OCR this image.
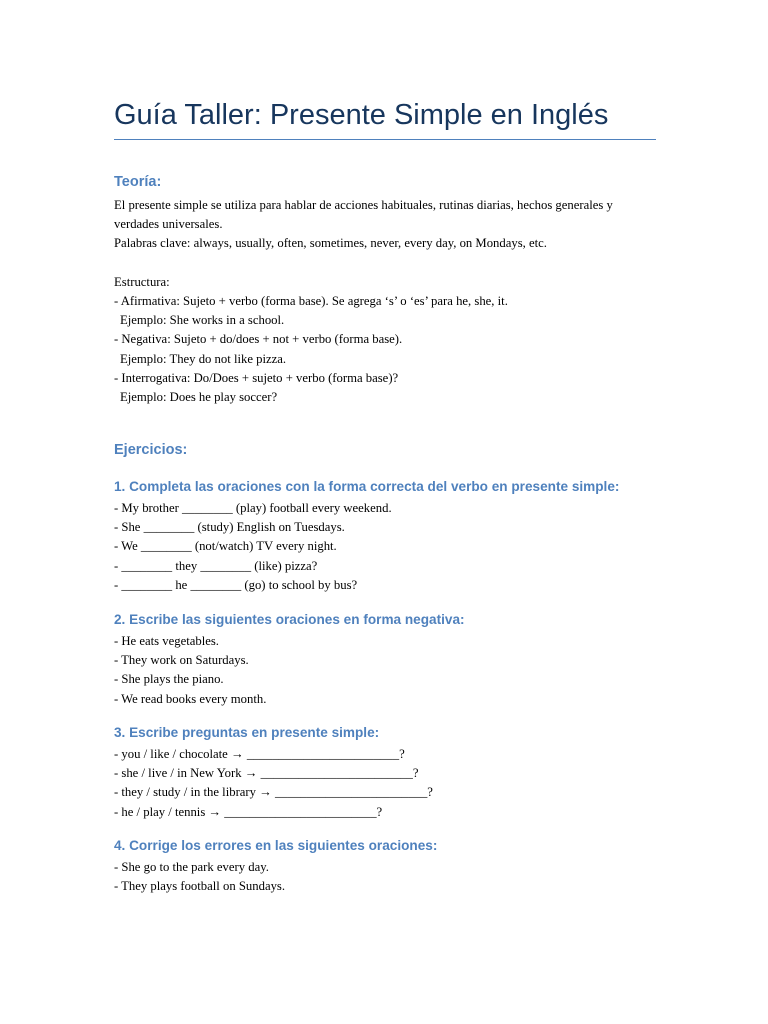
Guía Taller: Presente Simple en Inglés
Teoría:

El presente simple se utiliza para hablar de acciones habituales, rutinas diarias, hechos generales y verdades universales.

Palabras clave: always, usually, often, sometimes, never, every day, on Mondays, etc.

Estructura:

- Afirmativa: Sujeto + verbo (forma base). Se agrega ‘s’ o ‘es’ para he, she, it.

Ejemplo: She works in a school.

- Negativa: Sujeto + do/does + not + verbo (forma base).

Ejemplo: They do not like pizza.

- Interrogativa: Do/Does + sujeto + verbo (forma base)?

Ejemplo: Does he play soccer?

Ejercicios:
1. Completa las oraciones con la forma correcta del verbo en presente simple:
- My brother ________ (play) football every weekend.
- She ________ (study) English on Tuesdays.
- We ________ (not/watch) TV every night.
- ________ they ________ (like) pizza?
- ________ he ________ (go) to school by bus?
2. Escribe las siguientes oraciones en forma negativa:
- He eats vegetables.
- They work on Saturdays.
- She plays the piano.
- We read books every month.
3. Escribe preguntas en presente simple:
- you / like / chocolate → ________________________?
- she / live / in New York → ________________________?
- they / study / in the library → ________________________?
- he / play / tennis → ________________________?
4. Corrige los errores en las siguientes oraciones:
- She go to the park every day.
- They plays football on Sundays.
